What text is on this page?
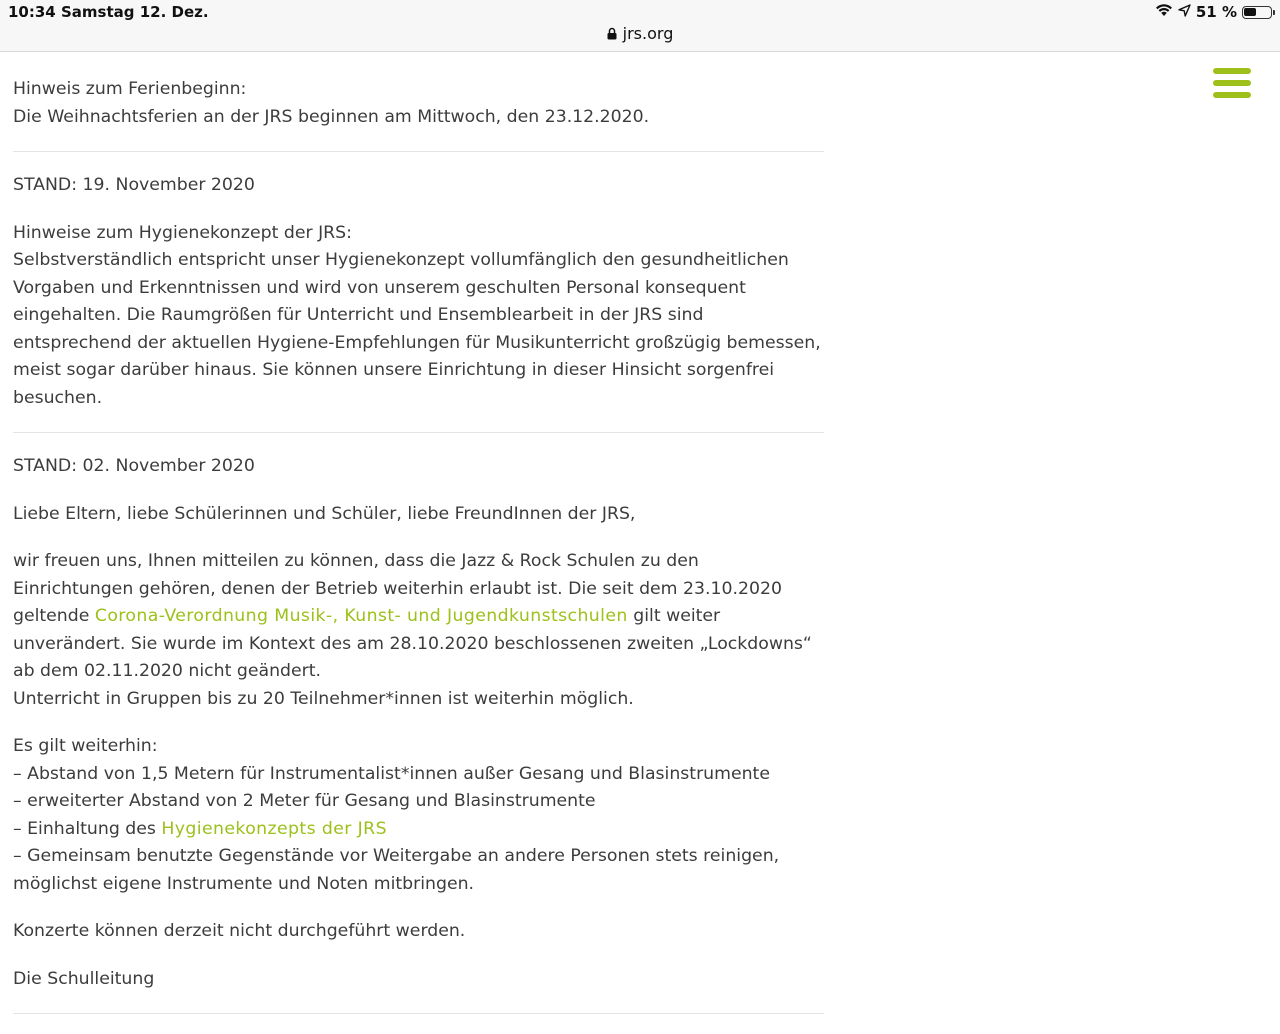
10:34 Samstag 12. Dez.	51 %
jrs.org

Hinweis zum Ferienbeginn:

Die Weihnachtsferien an der JRS beginnen am Mittwoch, den 23.12.2020.

STAND: 19. November 2020

Hinweise zum Hygienekonzept der JRS:

Selbstverständlich entspricht unser Hygienekonzept vollumfänglich den gesundheitlichen Vorgaben und Erkenntnissen und wird von unserem geschulten Personal konsequent eingehalten. Die Raumgrößen für Unterricht und Ensemblearbeit in der JRS sind entsprechend der aktuellen Hygiene-Empfehlungen für Musikunterricht großzügig bemessen, meist sogar darüber hinaus. Sie können unsere Einrichtung in dieser Hinsicht sorgenfrei besuchen.

STAND: 02. November 2020

Liebe Eltern, liebe Schülerinnen und Schüler, liebe FreundInnen der JRS,

wir freuen uns, Ihnen mitteilen zu können, dass die Jazz & Rock Schulen zu den Einrichtungen gehören, denen der Betrieb weiterhin erlaubt ist. Die seit dem 23.10.2020 geltende Corona-Verordnung Musik-, Kunst- und Jugendkunstschulen gilt weiter unverändert. Sie wurde im Kontext des am 28.10.2020 beschlossenen zweiten „Lockdowns“ ab dem 02.11.2020 nicht geändert.

Unterricht in Gruppen bis zu 20 Teilnehmer*innen ist weiterhin möglich.

Es gilt weiterhin:

– Abstand von 1,5 Metern für Instrumentalist*innen außer Gesang und Blasinstrumente

– erweiterter Abstand von 2 Meter für Gesang und Blasinstrumente

– Einhaltung des Hygienekonzepts der JRS

– Gemeinsam benutzte Gegenstände vor Weitergabe an andere Personen stets reinigen, möglichst eigene Instrumente und Noten mitbringen.

Konzerte können derzeit nicht durchgeführt werden.

Die Schulleitung
